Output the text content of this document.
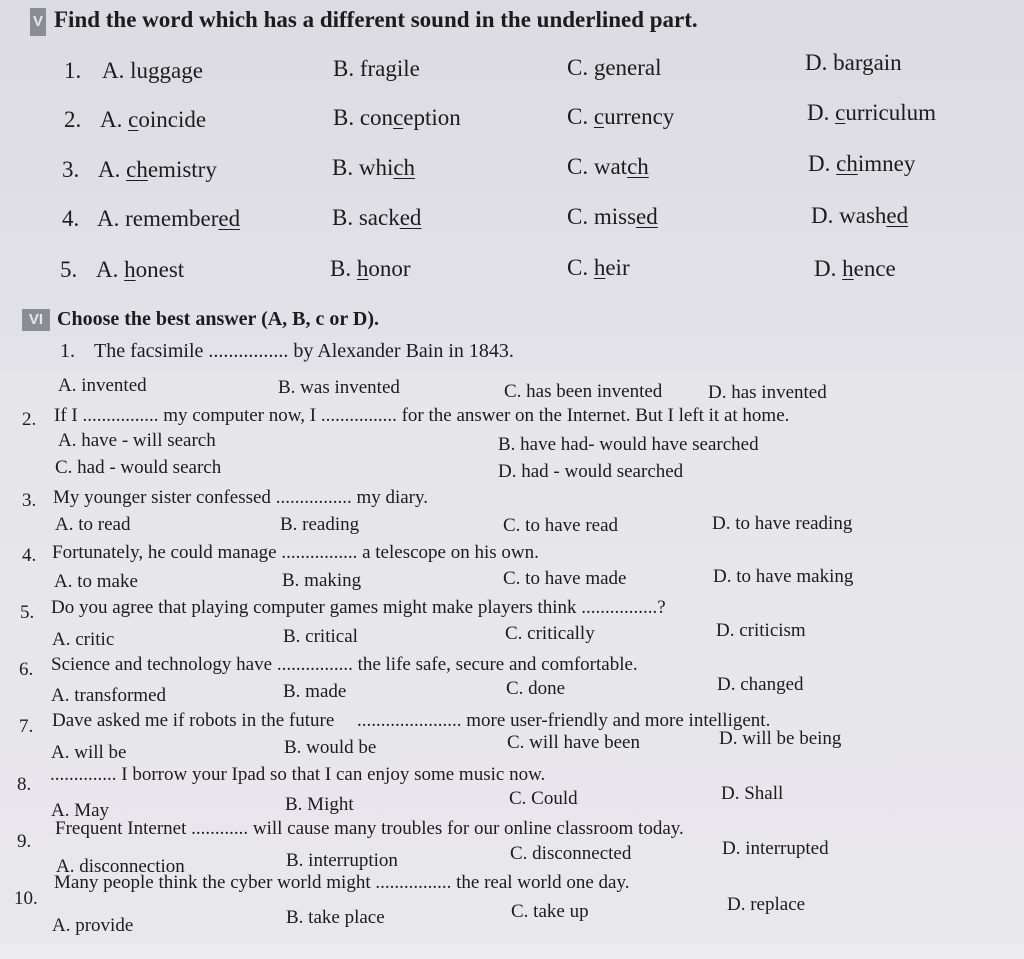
V Find the word which has a different sound in the underlined part.
1. A. luggage	B. fragile	C. general	D. bargain
2. A. coincide	B. conception	C. currency	D. curriculum
3. A. chemistry	B. which	C. watch	D. chimney
4. A. remembered	B. sacked	C. missed	D. washed
5. A. honest	B. honor	C. heir	D. hence
VI Choose the best answer (A, B, c or D).
1. The facsimile ................ by Alexander Bain in 1843.
A. invented	B. was invented	C. has been invented D. has invented
2. If I ................ my computer now, I ................ for the answer on the Internet. But I left it at home.
A. have - will search	B. have had- would have searched
C. had - would search	D. had - would searched
3. My younger sister confessed ................ my diary.
A. to read	B. reading	C. to have read	D. to have reading
4. Fortunately, he could manage ................ a telescope on his own.
A. to make	B. making	C. to have made	D. to have making
5. Do you agree that playing computer games might make players think ................?
A. critic	B. critical	C. critically	D. criticism
6. Science and technology have ................ the life safe, secure and comfortable.
A. transformed	B. made	C. done	D. changed
7. Dave asked me if robots in the future ...................... more user-friendly and more intelligent.
A. will be	B. would be	C. will have been	D. will be being
8. .............. I borrow your Ipad so that I can enjoy some music now.
A. May	B. Might	C. Could	D. Shall
9.
Frequent Internet ............ will cause many troubles for our online classroom today.
A. disconnection	B. interruption	C. disconnected	D. interrupted
10.
Many people think the cyber world might ................ the real world one day.
A. provide	B. take place	C. take up	D. replace
